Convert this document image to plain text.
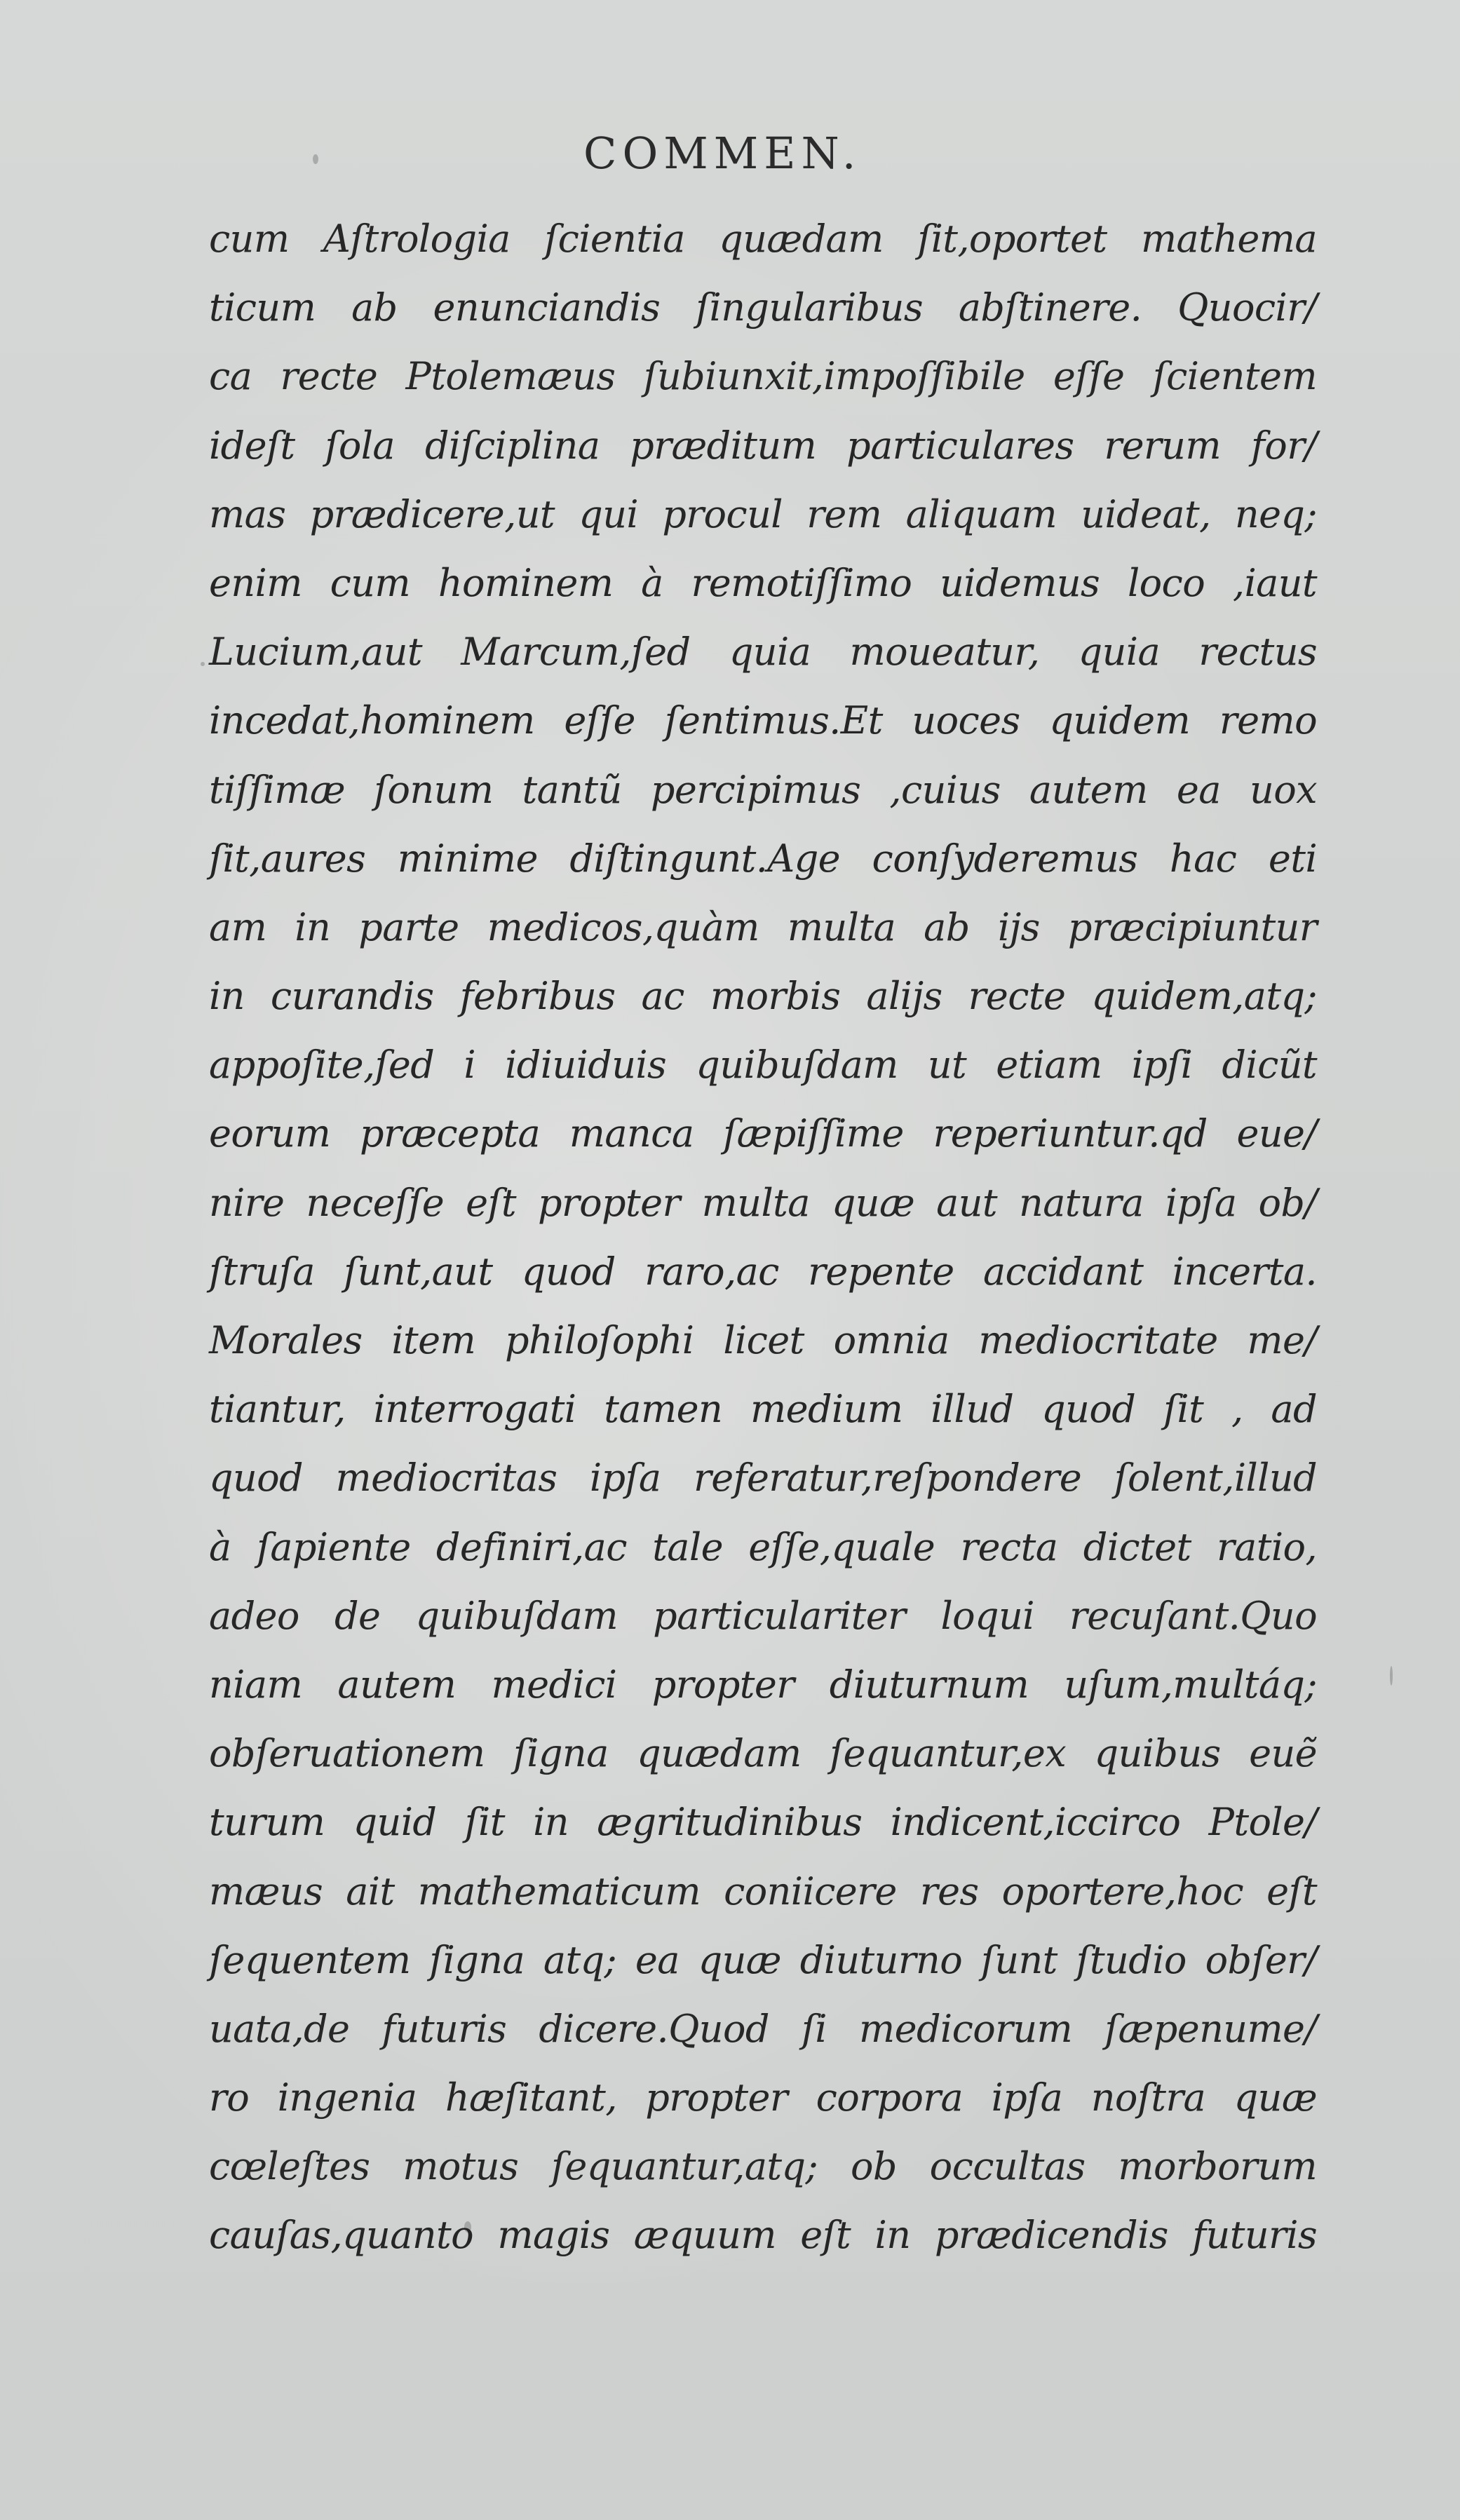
COMMEN.
cum Aſtrologia ſcientia quædam ſit,oportet mathema
ticum ab enunciandis ſingularibus abſtinere. Quocir/
ca recte Ptolemæus ſubiunxit,impoſſibile eſſe ſcientem
ideſt ſola diſciplina præditum particulares rerum for/
mas prædicere,ut qui procul rem aliquam uideat, neq;
enim cum hominem à remotiſſimo uidemus loco ,iaut
Lucium,aut Marcum,ſed quia moueatur, quia rectus
incedat,hominem eſſe ſentimus.Et uoces quidem remo
tiſſimæ ſonum tantũ percipimus ,cuius autem ea uox
ſit,aures minime diſtingunt.Age conſyderemus hac eti
am in parte medicos,quàm multa ab ijs præcipiuntur
in curandis febribus ac morbis alijs recte quidem,atq;
appoſite,ſed i idiuiduis quibuſdam ut etiam ipſi dicũt
eorum præcepta manca ſæpiſſime reperiuntur.qd eue/
nire neceſſe eſt propter multa quæ aut natura ipſa ob/
ſtruſa ſunt,aut quod raro,ac repente accidant incerta.
Morales item philoſophi licet omnia mediocritate me/
tiantur, interrogati tamen medium illud quod ſit , ad
quod mediocritas ipſa referatur,reſpondere ſolent,illud
à ſapiente definiri,ac tale eſſe,quale recta dictet ratio,
adeo de quibuſdam particulariter loqui recuſant.Quo
niam autem medici propter diuturnum uſum,multáq;
obſeruationem ſigna quædam ſequantur,ex quibus euẽ
turum quid ſit in ægritudinibus indicent,iccirco Ptole/
mæus ait mathematicum coniicere res oportere,hoc eſt
ſequentem ſigna atq; ea quæ diuturno ſunt ſtudio obſer/
uata,de futuris dicere.Quod ſi medicorum ſæpenume/
ro ingenia hæſitant, propter corpora ipſa noſtra quæ
cœleſtes motus ſequantur,atq; ob occultas morborum
cauſas,quanto magis æquum eſt in prædicendis futuris
